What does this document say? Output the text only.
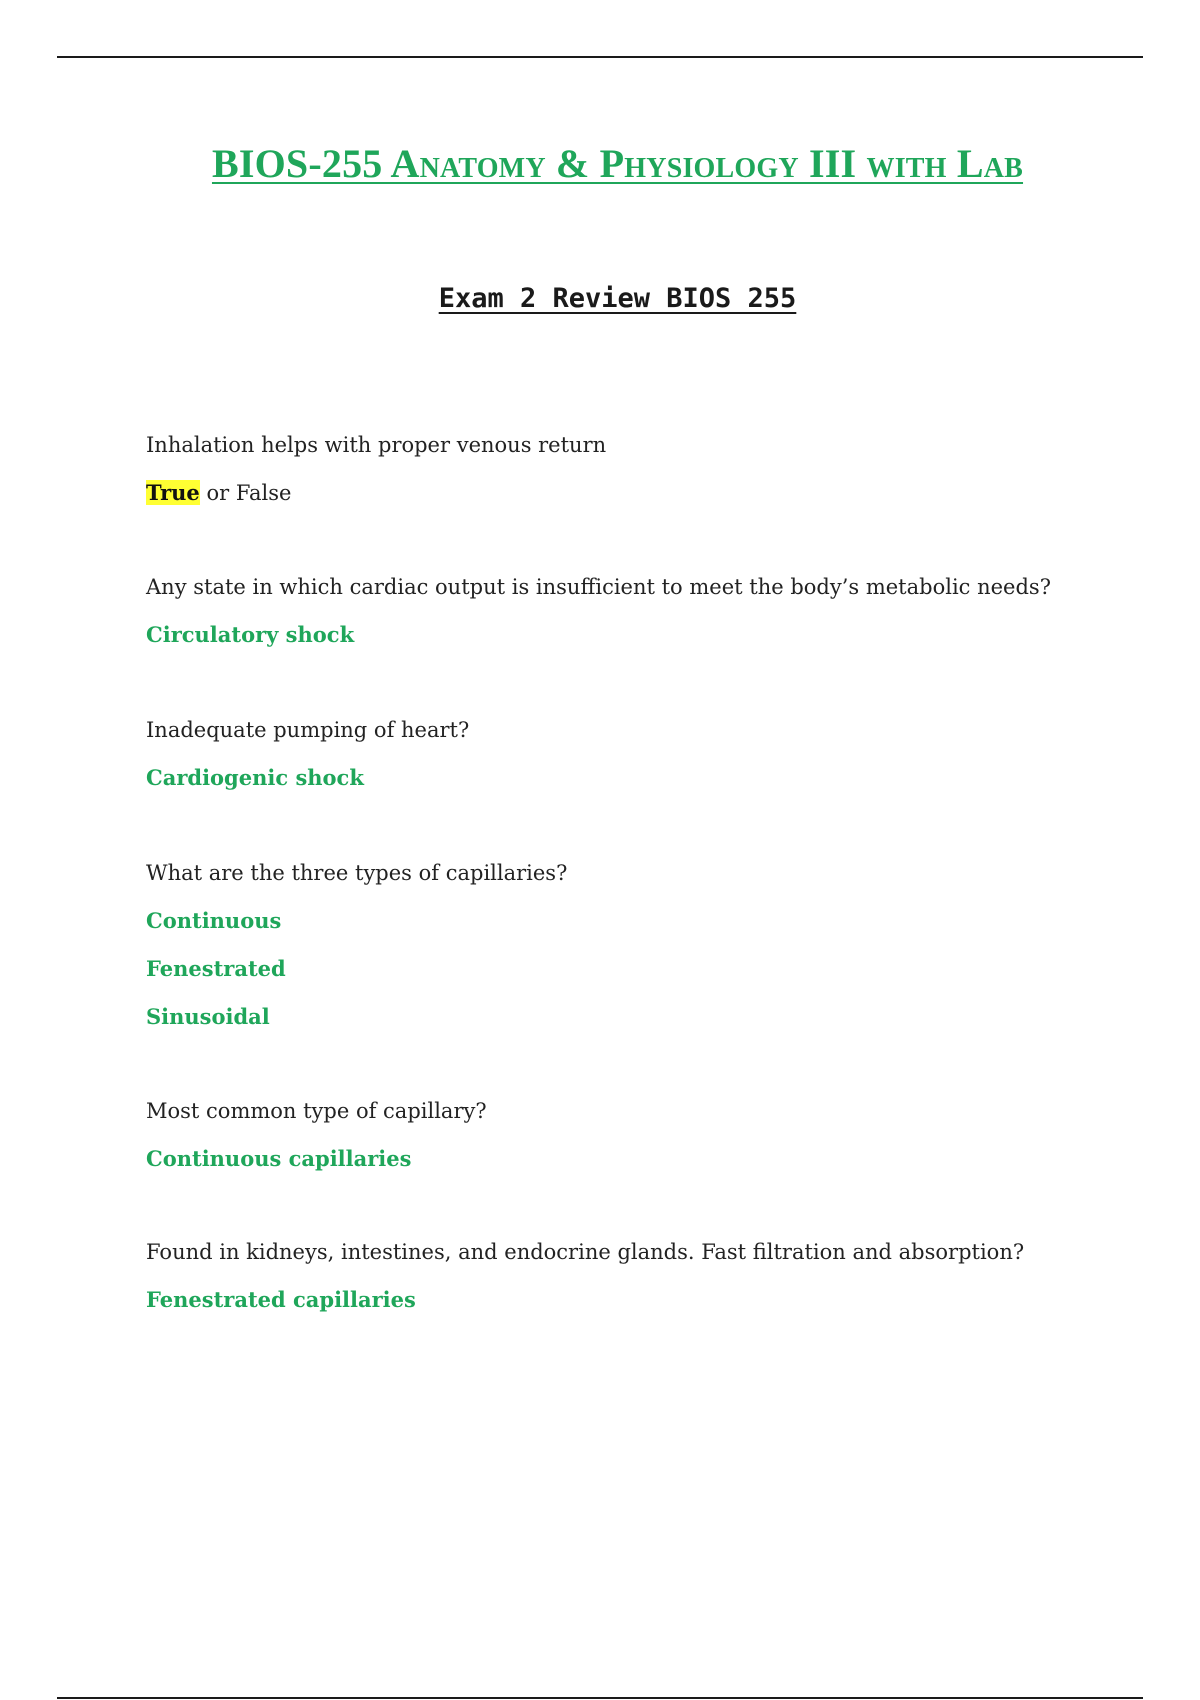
BIOS-255 Anatomy & Physiology III with Lab
Exam 2 Review BIOS 255
Inhalation helps with proper venous return
True or False
Any state in which cardiac output is insufficient to meet the body’s metabolic needs?
Circulatory shock
Inadequate pumping of heart?
Cardiogenic shock
What are the three types of capillaries?
Continuous
Fenestrated
Sinusoidal
Most common type of capillary?
Continuous capillaries
Found in kidneys, intestines, and endocrine glands. Fast filtration and absorption?
Fenestrated capillaries
